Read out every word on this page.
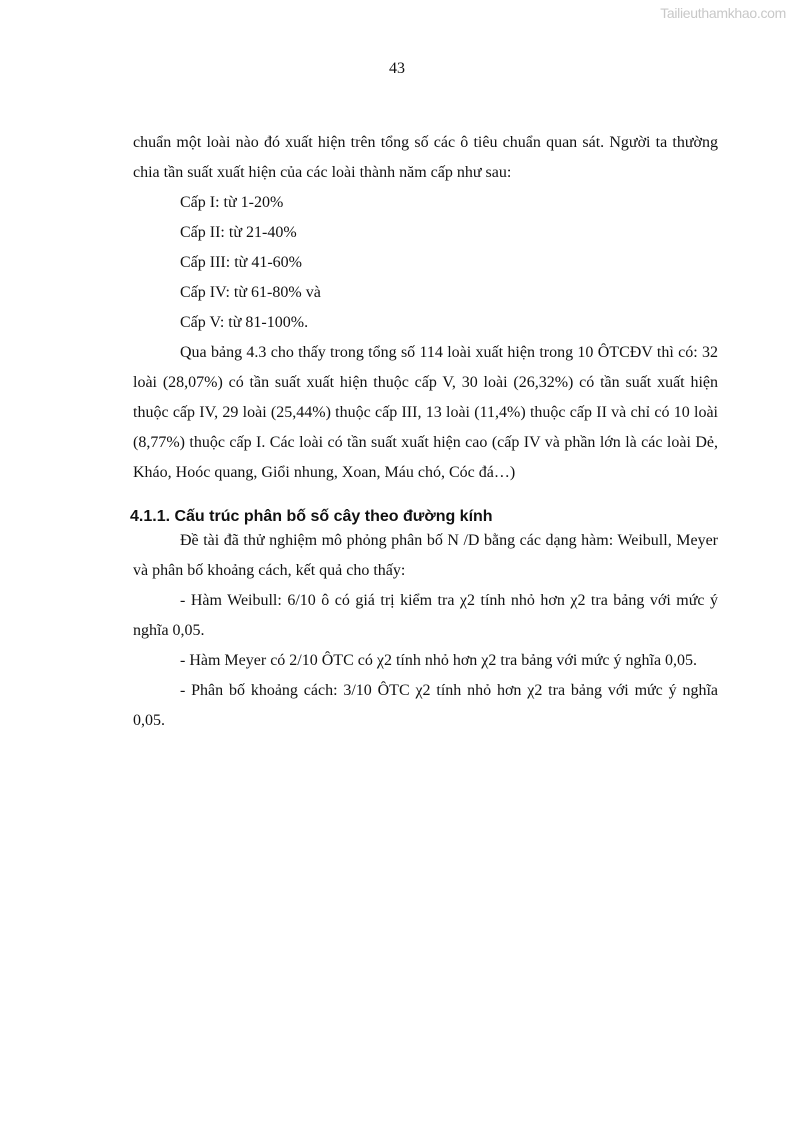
Tailieuthamkhao.com
43

chuẩn một loài nào đó xuất hiện trên tổng số các ô tiêu chuẩn quan sát. Người ta thường chia tần suất xuất hiện của các loài thành năm cấp như sau:

Cấp I: từ 1-20%

Cấp II: từ 21-40%

Cấp III: từ 41-60%

Cấp IV: từ 61-80% và

Cấp V: từ 81-100%.

Qua bảng 4.3 cho thấy trong tổng số 114 loài xuất hiện trong 10 ÔTCĐV thì có: 32 loài (28,07%) có tần suất xuất hiện thuộc cấp V, 30 loài (26,32%) có tần suất xuất hiện thuộc cấp IV, 29 loài (25,44%) thuộc cấp III, 13 loài (11,4%) thuộc cấp II và chỉ có 10 loài (8,77%) thuộc cấp I. Các loài có tần suất xuất hiện cao (cấp IV và phần lớn là các loài Dẻ, Kháo, Hoóc quang, Giổi nhung, Xoan, Máu chó, Cóc đá…)

4.1.1. Cấu trúc phân bố số cây theo đường kính

Đề tài đã thử nghiệm mô phỏng phân bố N /D bằng các dạng hàm: Weibull, Meyer và phân bố khoảng cách, kết quả cho thấy:

- Hàm Weibull: 6/10 ô có giá trị kiểm tra χ2 tính nhỏ hơn χ2 tra bảng với mức ý nghĩa 0,05.

- Hàm Meyer có 2/10 ÔTC có χ2 tính nhỏ hơn χ2 tra bảng với mức ý nghĩa 0,05.

- Phân bố khoảng cách: 3/10 ÔTC χ2 tính nhỏ hơn χ2 tra bảng với mức ý nghĩa 0,05.
